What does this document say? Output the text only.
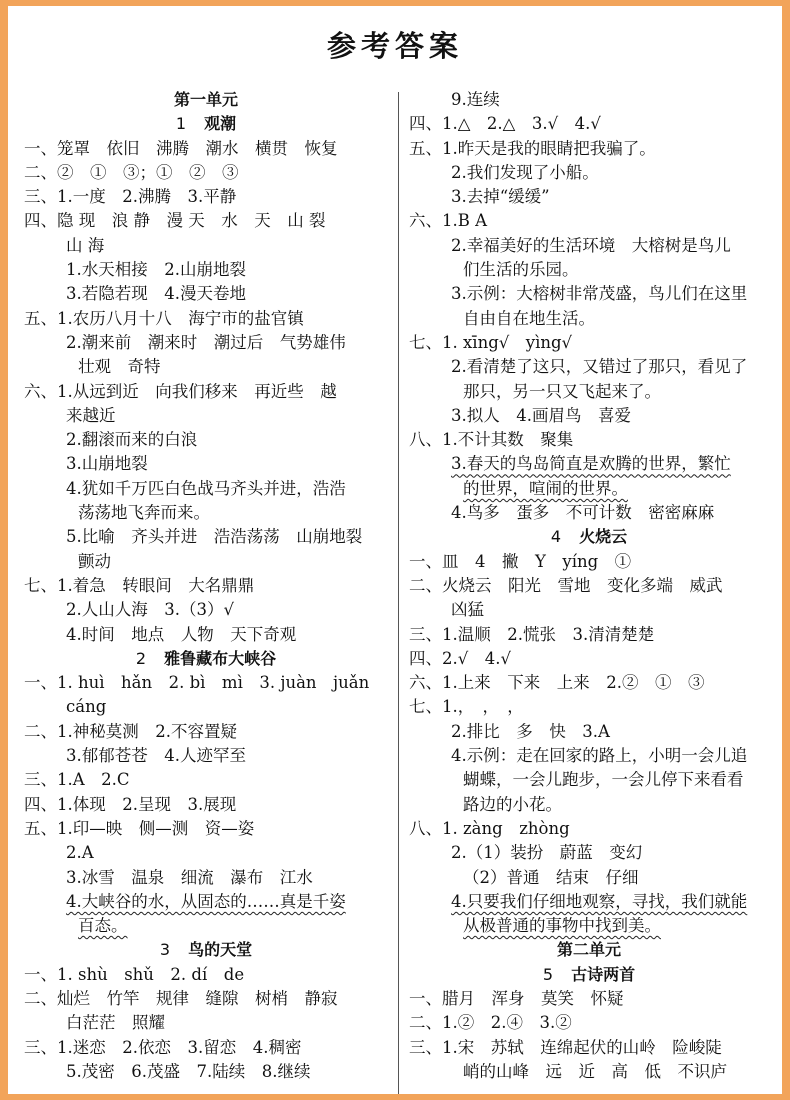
参考答案
第一单元
1 观潮
一、笼罩　依旧　沸腾　潮水　横贯　恢复
二、②　①　③；①　②　③
三、1.一度　2.沸腾　3.平静
四、隐 现　浪 静　漫 天　水　天　山 裂
山 海
1.水天相接　2.山崩地裂
3.若隐若现　4.漫天卷地
五、1.农历八月十八　海宁市的盐官镇
2.潮来前　潮来时　潮过后　气势雄伟
壮观　奇特
六、1.从远到近　向我们移来　再近些　越
来越近
2.翻滚而来的白浪
3.山崩地裂
4.犹如千万匹白色战马齐头并进，浩浩
荡荡地飞奔而来。
5.比喻　齐头并进　浩浩荡荡　山崩地裂
颤动
七、1.着急　转眼间　大名鼎鼎
2.人山人海　3.（3）√
4.时间　地点　人物　天下奇观
2 雅鲁藏布大峡谷
一、1. huì　hǎn　2. bì　mì　3. juàn　juǎn
cáng
二、1.神秘莫测　2.不容置疑
3.郁郁苍苍　4.人迹罕至
三、1.A　2.C
四、1.体现　2.呈现　3.展现
五、1.印—映　侧—测　资—姿
2.A
3.冰雪　温泉　细流　瀑布　江水
4.大峡谷的水，从固态的……真是千姿
百态。
3 鸟的天堂
一、1. shù　shǔ　2. dí　de
二、灿烂　竹竿　规律　缝隙　树梢　静寂
白茫茫　照耀
三、1.迷恋　2.依恋　3.留恋　4.稠密
5.茂密　6.茂盛　7.陆续　8.继续
9.连续
四、1.△　2.△　3.√　4.√
五、1.昨天是我的眼睛把我骗了。
2.我们发现了小船。
3.去掉“缓缓”
六、1.B A
2.幸福美好的生活环境　大榕树是鸟儿
们生活的乐园。
3.示例：大榕树非常茂盛，鸟儿们在这里
自由自在地生活。
七、1. xīng√　yìng√
2.看清楚了这只，又错过了那只，看见了
那只，另一只又飞起来了。
3.拟人　4.画眉鸟　喜爱
八、1.不计其数　聚集
3.春天的鸟岛简直是欢腾的世界，繁忙
的世界，喧闹的世界。
4.鸟多　蛋多　不可计数　密密麻麻
4 火烧云
一、皿　4　撇　Y　yíng　①
二、火烧云　阳光　雪地　变化多端　威武
凶猛
三、1.温顺　2.慌张　3.清清楚楚
四、2.√　4.√
六、1.上来　下来　上来　2.②　①　③
七、1.，　，　，
2.排比　多　快　3.A
4.示例：走在回家的路上，小明一会儿追
蝴蝶，一会儿跑步，一会儿停下来看看
路边的小花。
八、1. zàng　zhòng
2.（1）装扮　蔚蓝　变幻
（2）普通　结束　仔细
4.只要我们仔细地观察，寻找，我们就能
从极普通的事物中找到美。
第二单元
5 古诗两首
一、腊月　浑身　莫笑　怀疑
二、1.②　2.④　3.②
三、1.宋　苏轼　连绵起伏的山岭　险峻陡
峭的山峰　远　近　高　低　不识庐
